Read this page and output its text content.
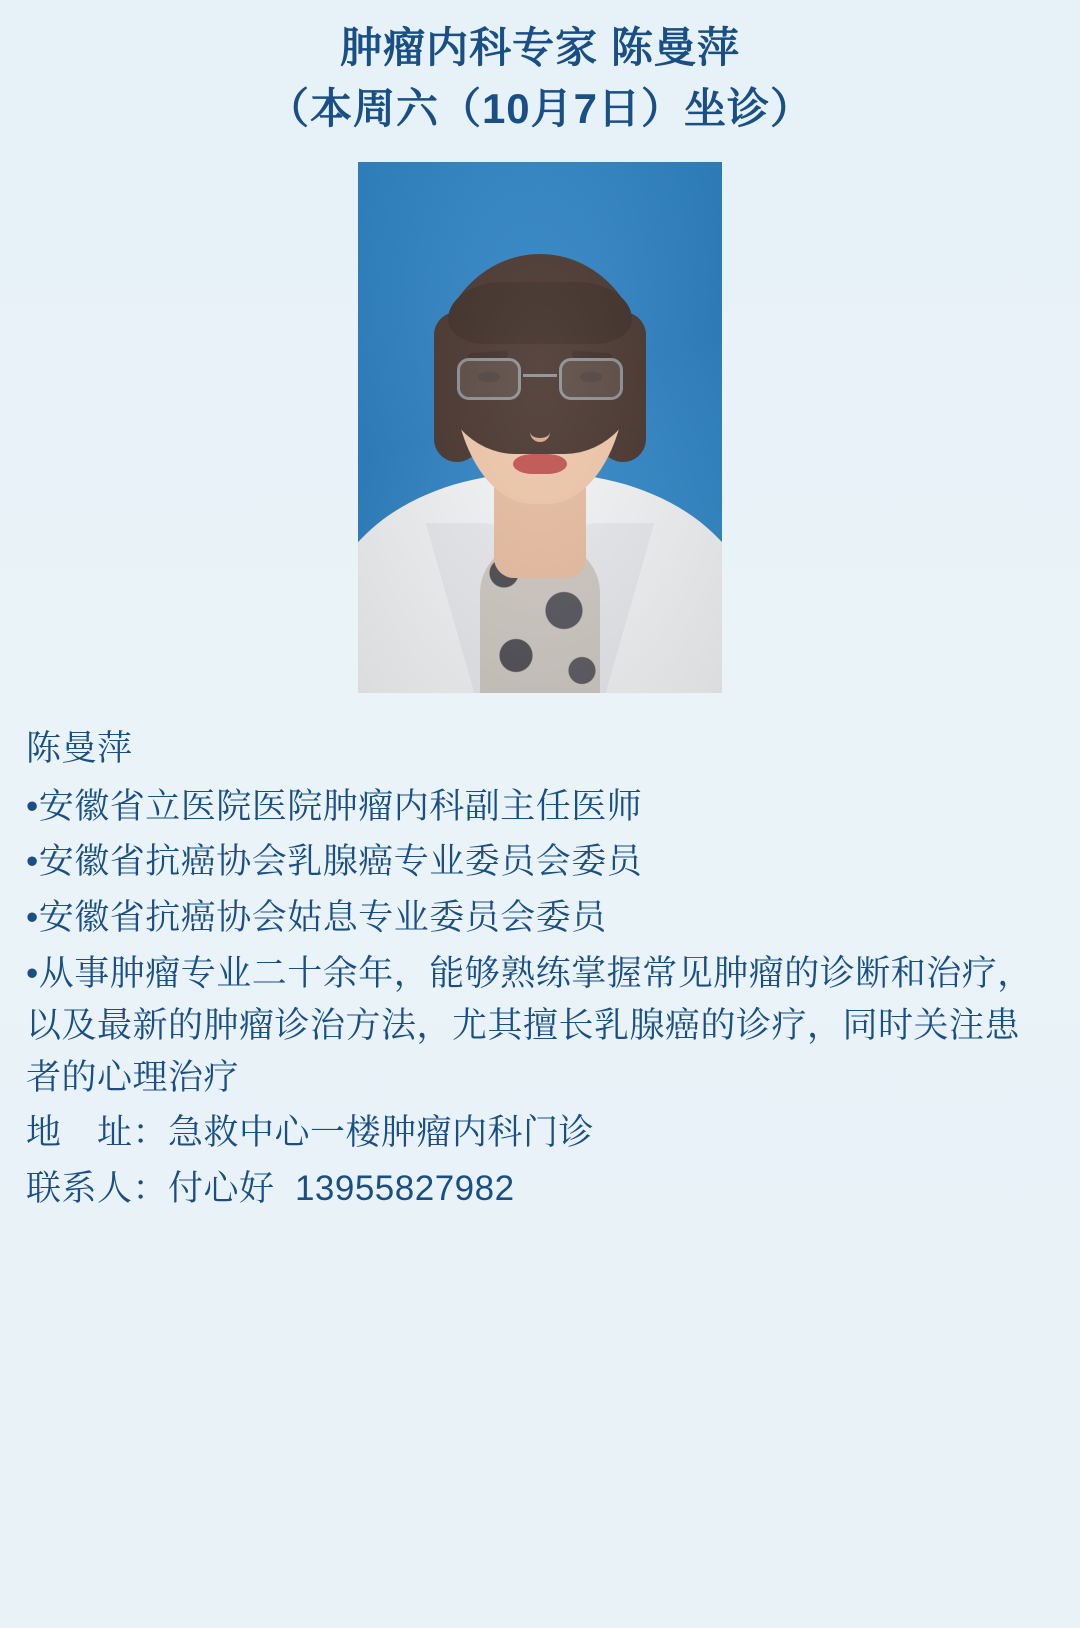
肿瘤内科专家 陈曼萍
（本周六（10月7日）坐诊）

陈曼萍

•安徽省立医院医院肿瘤内科副主任医师

•安徽省抗癌协会乳腺癌专业委员会委员

•安徽省抗癌协会姑息专业委员会委员

•从事肿瘤专业二十余年，能够熟练掌握常见肿瘤的诊断和治疗，以及最新的肿瘤诊治方法，尤其擅长乳腺癌的诊疗，同时关注患者的心理治疗

地　址：急救中心一楼肿瘤内科门诊

联系人：付心好  13955827982
